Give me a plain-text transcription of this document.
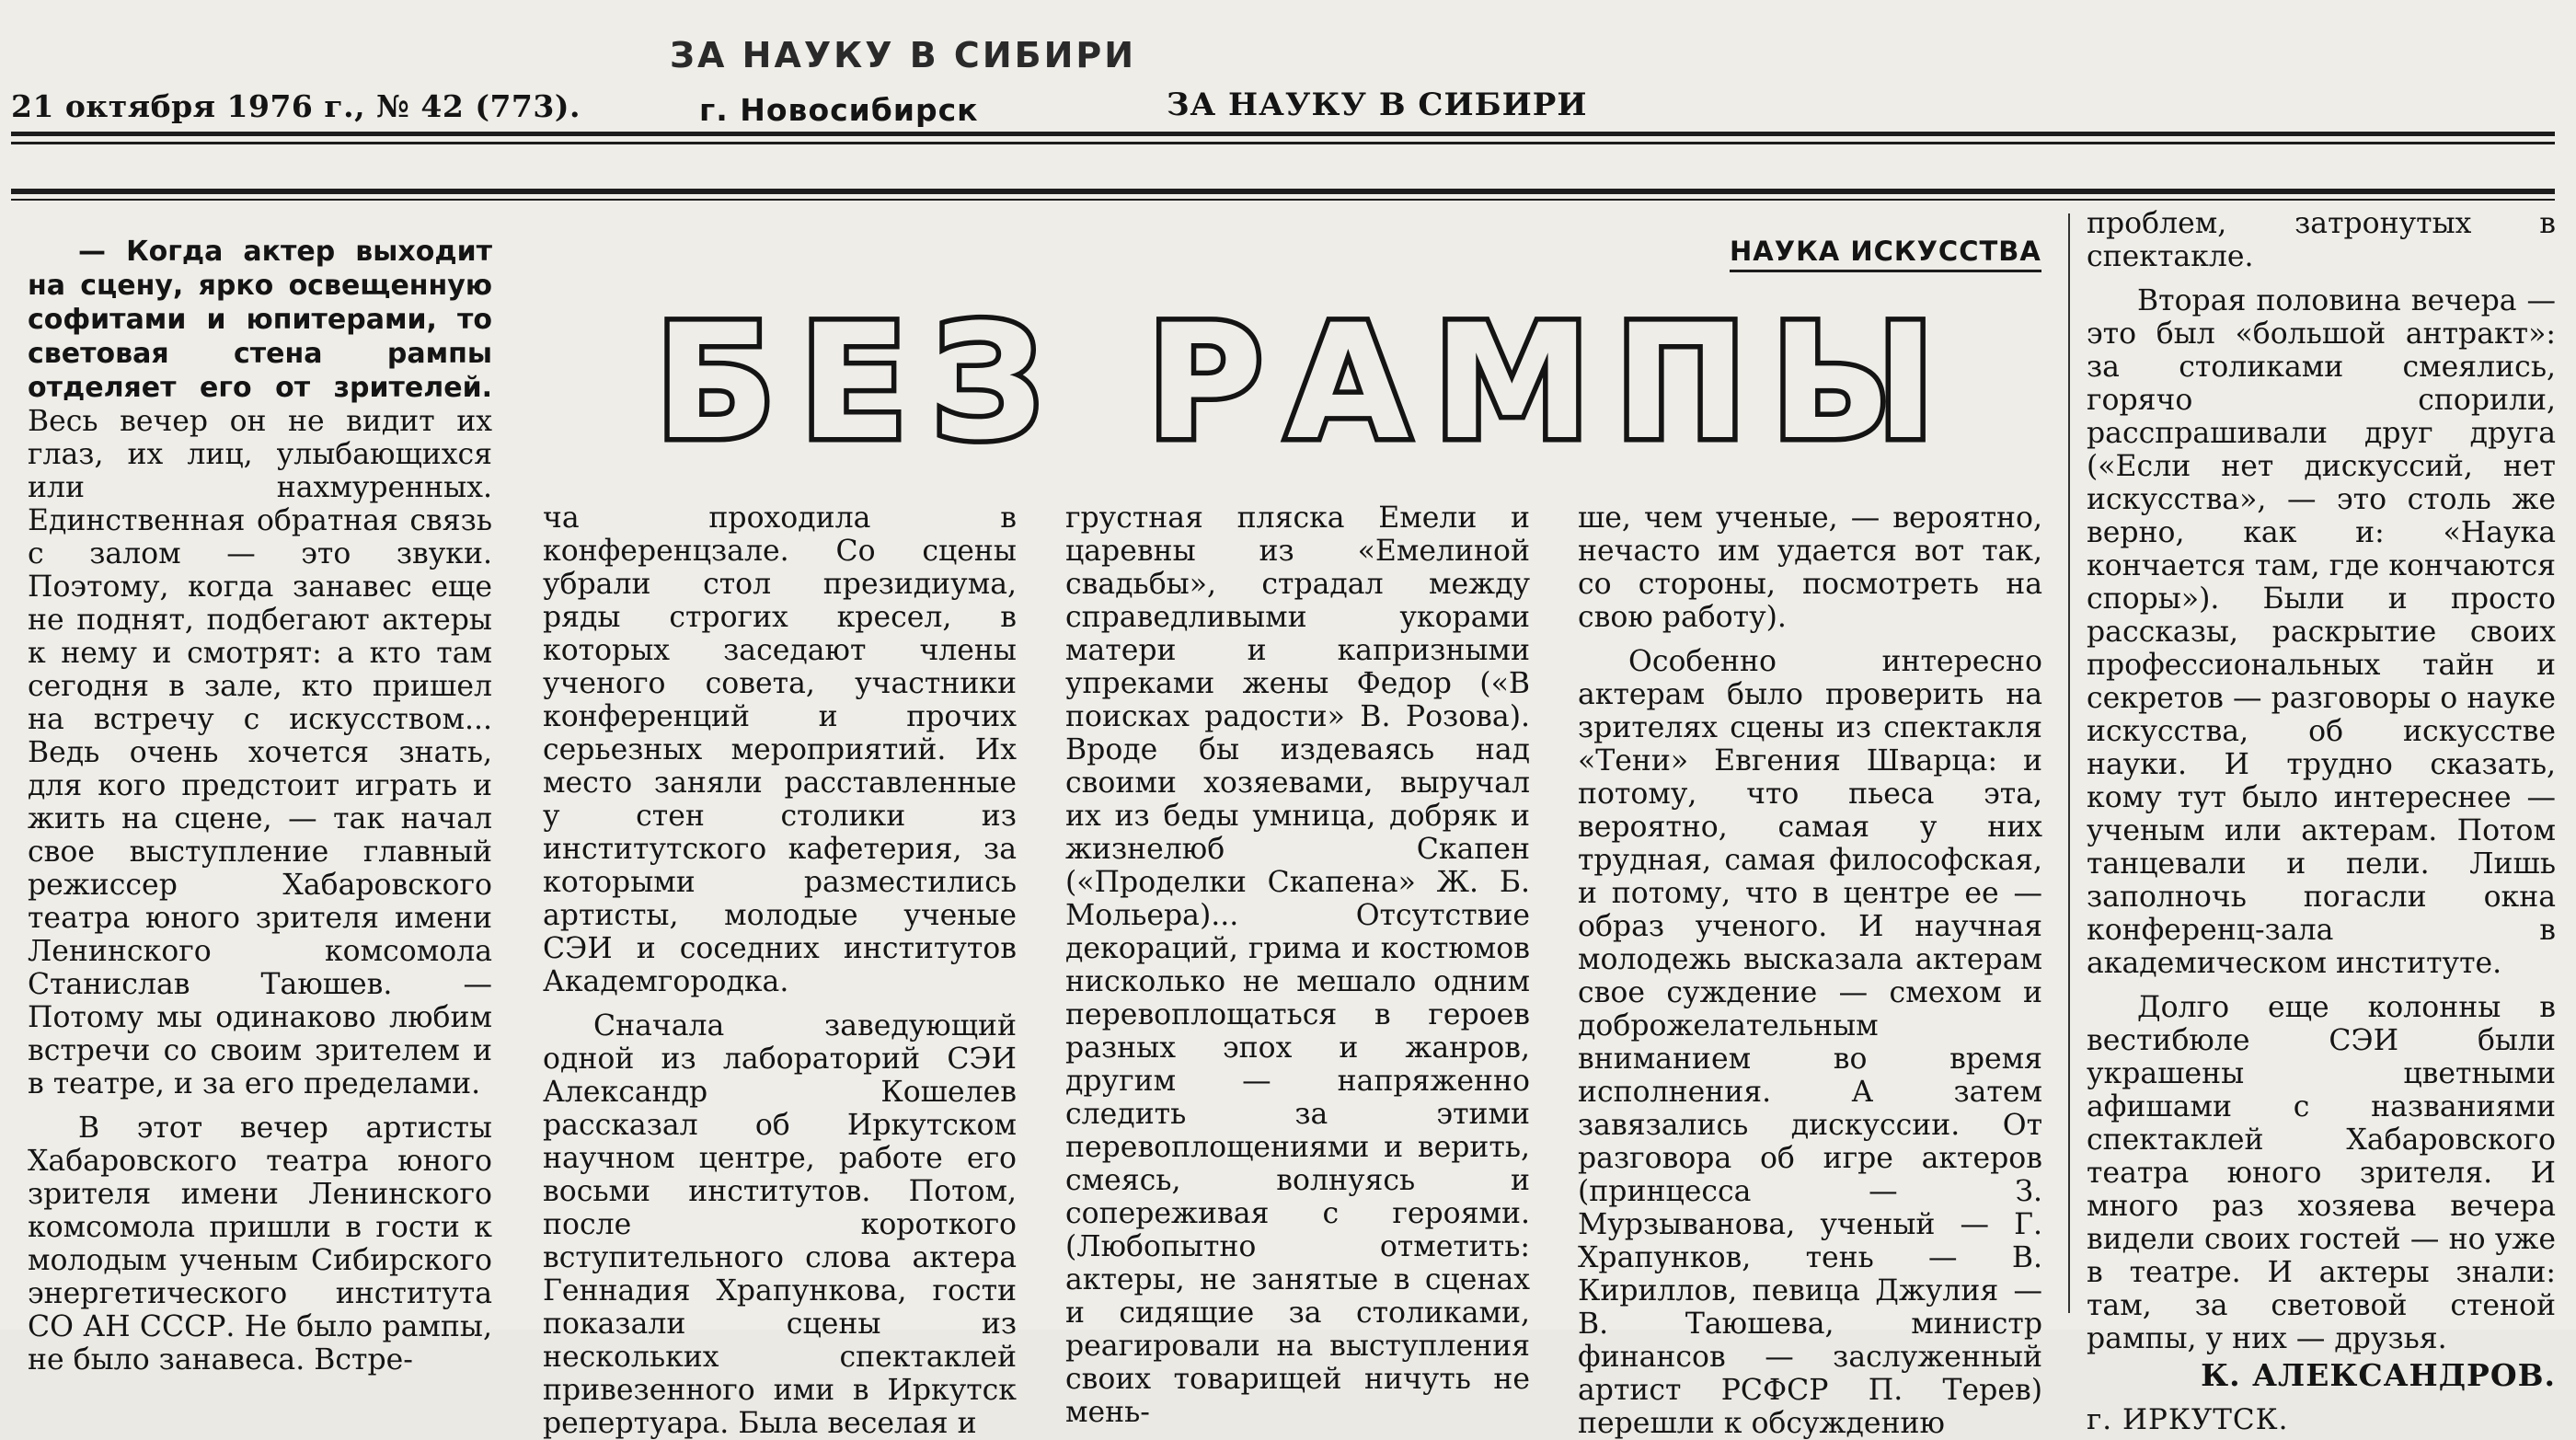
ЗА НАУКУ В СИБИРИ
21 октября 1976 г., № 42 (773).	г. Новосибирск	ЗА НАУКУ В СИБИРИ
НАУКА ИСКУССТВА
БЕЗ РАМПЫ

— Когда актер выходит на сцену, ярко освещенную софитами и юпитерами, то световая стена рампы отделяет его от зрителей. Весь вечер он не видит их глаз, их лиц, улыбающихся или нахмуренных. Единственная обратная связь с залом — это звуки. Поэтому, когда занавес еще не поднят, подбегают актеры к нему и смотрят: а кто там сегодня в зале, кто пришел на встречу с искусством... Ведь очень хочется знать, для кого предстоит играть и жить на сцене, — так начал свое выступление главный режиссер Хабаровского театра юного зрителя имени Ленинского комсомола Станислав Таюшев. — Потому мы одинаково любим встречи со своим зрителем и в театре, и за его пределами.

В этот вечер артисты Хабаровского театра юного зрителя имени Ленинского комсомола пришли в гости к молодым ученым Сибирского энергетического института СО АН СССР. Не было рампы, не было занавеса. Встре-

ча проходила в конференцзале. Со сцены убрали стол президиума, ряды строгих кресел, в которых заседают члены ученого совета, участники конференций и прочих серьезных мероприятий. Их место заняли расставленные у стен столики из институтского кафетерия, за которыми разместились артисты, молодые ученые СЭИ и соседних институтов Академгородка.

Сначала заведующий одной из лабораторий СЭИ Александр Кошелев рассказал об Иркутском научном центре, работе его восьми институтов. Потом, после короткого вступительного слова актера Геннадия Храпункова, гости показали сцены из нескольких спектаклей привезенного ими в Иркутск репертуара. Была веселая и

грустная пляска Емели и царевны из «Емелиной свадьбы», страдал между справедливыми укорами матери и капризными упреками жены Федор («В поисках радости» В. Розова). Вроде бы издеваясь над своими хозяевами, выручал их из беды умница, добряк и жизнелюб Скапен («Проделки Скапена» Ж. Б. Мольера)... Отсутствие декораций, грима и костюмов нисколько не мешало одним перевоплощаться в героев разных эпох и жанров, другим — напряженно следить за этими перевоплощениями и верить, смеясь, волнуясь и сопереживая с героями. (Любопытно отметить: актеры, не занятые в сценах и сидящие за столиками, реагировали на выступления своих товарищей ничуть не мень-

ше, чем ученые, — вероятно, нечасто им удается вот так, со стороны, посмотреть на свою работу).

Особенно интересно актерам было проверить на зрителях сцены из спектакля «Тени» Евгения Шварца: и потому, что пьеса эта, вероятно, самая у них трудная, самая философская, и потому, что в центре ее — образ ученого. И научная молодежь высказала актерам свое суждение — смехом и доброжелательным вниманием во время исполнения. А затем завязались дискуссии. От разговора об игре актеров (принцесса — З. Мурзыванова, ученый — Г. Храпунков, тень — В. Кириллов, певица Джулия — В. Таюшева, министр финансов — заслуженный артист РСФСР П. Терев) перешли к обсуждению

проблем, затронутых в спектакле.

Вторая половина вечера — это был «большой антракт»: за столиками смеялись, горячо спорили, расспрашивали друг друга («Если нет дискуссий, нет искусства», — это столь же верно, как и: «Наука кончается там, где кончаются споры»). Были и просто рассказы, раскрытие своих профессиональных тайн и секретов — разговоры о науке искусства, об искусстве науки. И трудно сказать, кому тут было интереснее — ученым или актерам. Потом танцевали и пели. Лишь заполночь погасли окна конференц-зала в академическом институте.

Долго еще колонны в вестибюле СЭИ были украшены цветными афишами с названиями спектаклей Хабаровского театра юного зрителя. И много раз хозяева вечера видели своих гостей — но уже в театре. И актеры знали: там, за световой стеной рампы, у них — друзья.

К. АЛЕКСАНДРОВ.

г. ИРКУТСК.
